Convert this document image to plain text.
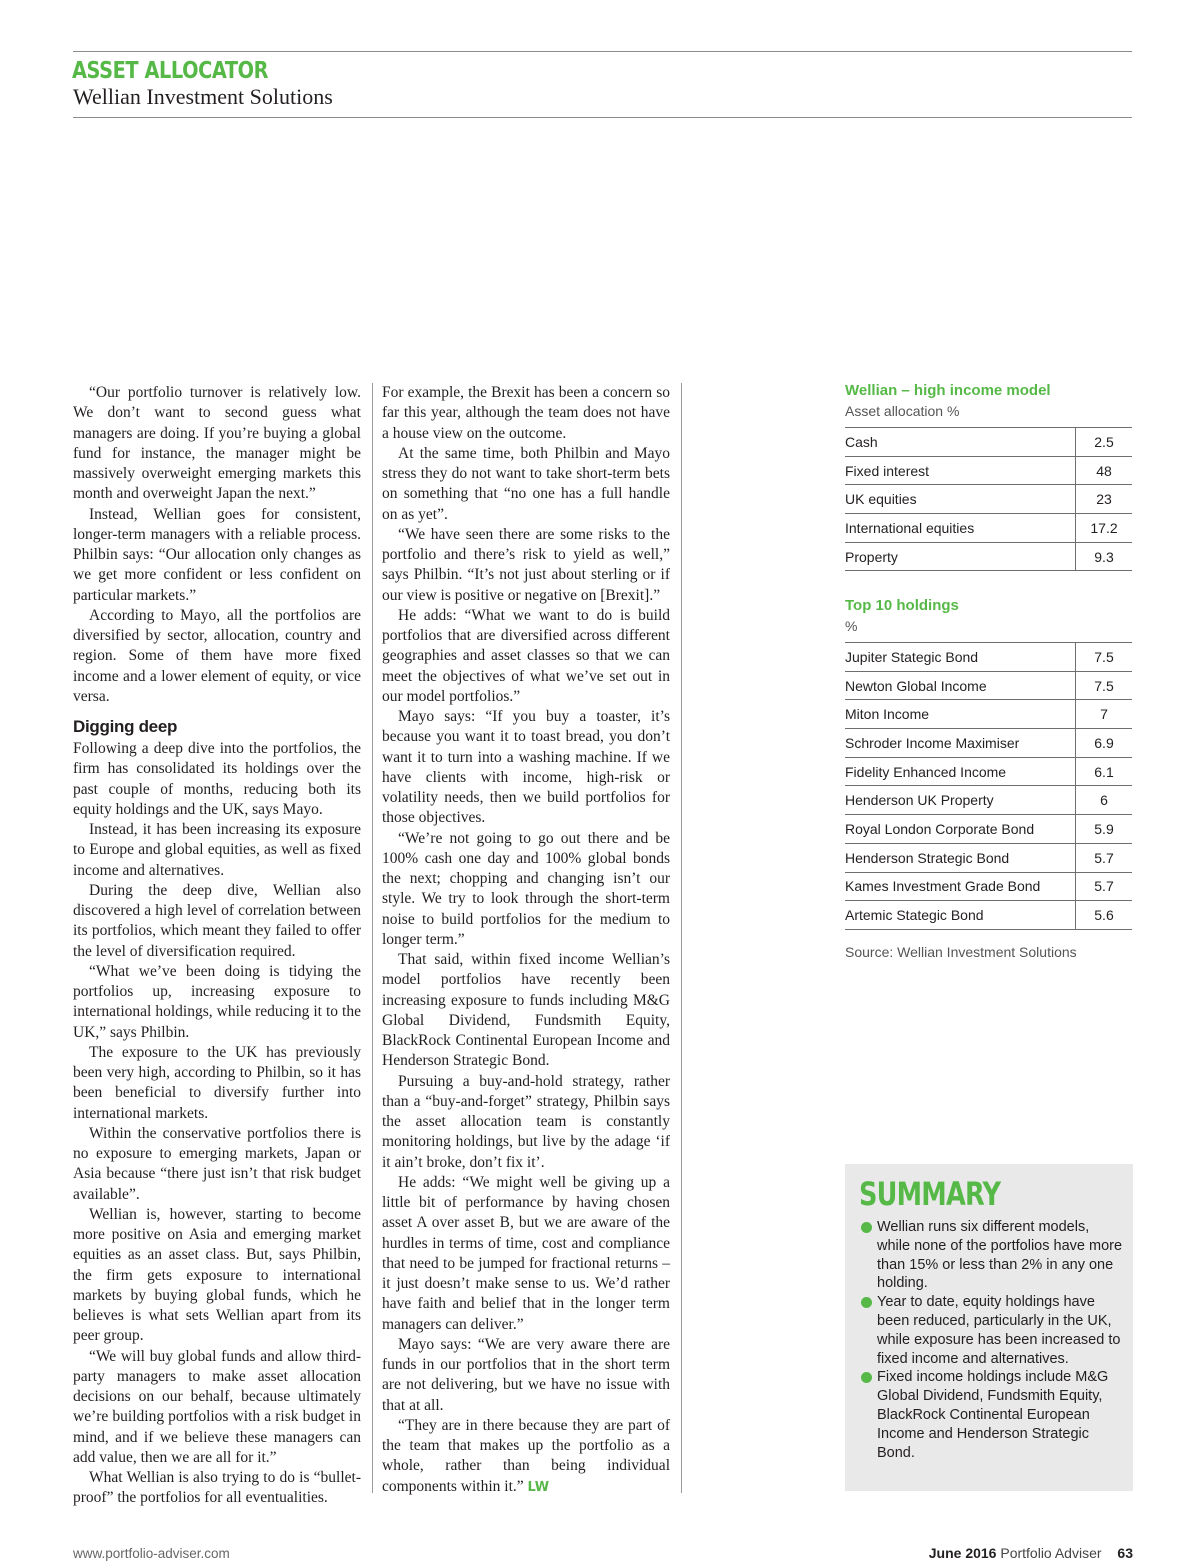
ASSET ALLOCATOR
Wellian Investment Solutions

“Our portfolio turnover is relatively low. We don’t want to second guess what managers are doing. If you’re buying a global fund for instance, the manager might be massively overweight emerging markets this month and overweight Japan the next.”

Instead, Wellian goes for consistent, longer-term managers with a reliable process. Philbin says: “Our allocation only changes as we get more confident or less confident on particular markets.”

According to Mayo, all the portfolios are diversified by sector, allocation, country and region. Some of them have more fixed income and a lower element of equity, or vice versa.

Digging deep

Following a deep dive into the portfolios, the firm has consolidated its holdings over the past couple of months, reducing both its equity holdings and the UK, says Mayo.

Instead, it has been increasing its exposure to Europe and global equities, as well as fixed income and alternatives.

During the deep dive, Wellian also discovered a high level of correlation between its portfolios, which meant they failed to offer the level of diversification required.

“What we’ve been doing is tidying the portfolios up, increasing exposure to international holdings, while reducing it to the UK,” says Philbin.

The exposure to the UK has previously been very high, according to Philbin, so it has been beneficial to diversify further into international markets.

Within the conservative portfolios there is no exposure to emerging markets, Japan or Asia because “there just isn’t that risk budget available”.

Wellian is, however, starting to become more positive on Asia and emerging market equities as an asset class. But, says Philbin, the firm gets exposure to international markets by buying global funds, which he believes is what sets Wellian apart from its peer group.

“We will buy global funds and allow third-party managers to make asset allocation decisions on our behalf, because ultimately we’re building portfolios with a risk budget in mind, and if we believe these managers can add value, then we are all for it.”

What Wellian is also trying to do is “bullet-proof” the portfolios for all eventualities.

For example, the Brexit has been a concern so far this year, although the team does not have a house view on the outcome.

At the same time, both Philbin and Mayo stress they do not want to take short-term bets on something that “no one has a full handle on as yet”.

“We have seen there are some risks to the portfolio and there’s risk to yield as well,” says Philbin. “It’s not just about sterling or if our view is positive or negative on [Brexit].”

He adds: “What we want to do is build portfolios that are diversified across different geographies and asset classes so that we can meet the objectives of what we’ve set out in our model portfolios.”

Mayo says: “If you buy a toaster, it’s because you want it to toast bread, you don’t want it to turn into a washing machine. If we have clients with income, high-risk or volatility needs, then we build portfolios for those objectives.

“We’re not going to go out there and be 100% cash one day and 100% global bonds the next; chopping and changing isn’t our style. We try to look through the short-term noise to build portfolios for the medium to longer term.”

That said, within fixed income Wellian’s model portfolios have recently been increasing exposure to funds including M&G Global Dividend, Fundsmith Equity, BlackRock Continental European Income and Henderson Strategic Bond.

Pursuing a buy-and-hold strategy, rather than a “buy-and-forget” strategy, Philbin says the asset allocation team is constantly monitoring holdings, but live by the adage ‘if it ain’t broke, don’t fix it’.

He adds: “We might well be giving up a little bit of performance by having chosen asset A over asset B, but we are aware of the hurdles in terms of time, cost and compliance that need to be jumped for fractional returns – it just doesn’t make sense to us. We’d rather have faith and belief that in the longer term managers can deliver.”

Mayo says: “We are very aware there are funds in our portfolios that in the short term are not delivering, but we have no issue with that at all.

“They are in there because they are part of the team that makes up the portfolio as a whole, rather than being individual components within it.” LW

Wellian – high income model
Asset allocation %
Cash	2.5
Fixed interest	48
UK equities	23
International equities	17.2
Property	9.3
Top 10 holdings
%
Jupiter Stategic Bond	7.5
Newton Global Income	7.5
Miton Income	7
Schroder Income Maximiser	6.9
Fidelity Enhanced Income	6.1
Henderson UK Property	6
Royal London Corporate Bond	5.9
Henderson Strategic Bond	5.7
Kames Investment Grade Bond	5.7
Artemic Stategic Bond	5.6
Source: Wellian Investment Solutions
SUMMARY
Wellian runs six different models, while none of the portfolios have more than 15% or less than 2% in any one holding.
Year to date, equity holdings have been reduced, particularly in the UK, while exposure has been increased to fixed income and alternatives.
Fixed income holdings include M&G Global Dividend, Fundsmith Equity, BlackRock Continental European Income and Henderson Strategic Bond.
www.portfolio-adviser.com	June 2016 Portfolio Adviser 63
